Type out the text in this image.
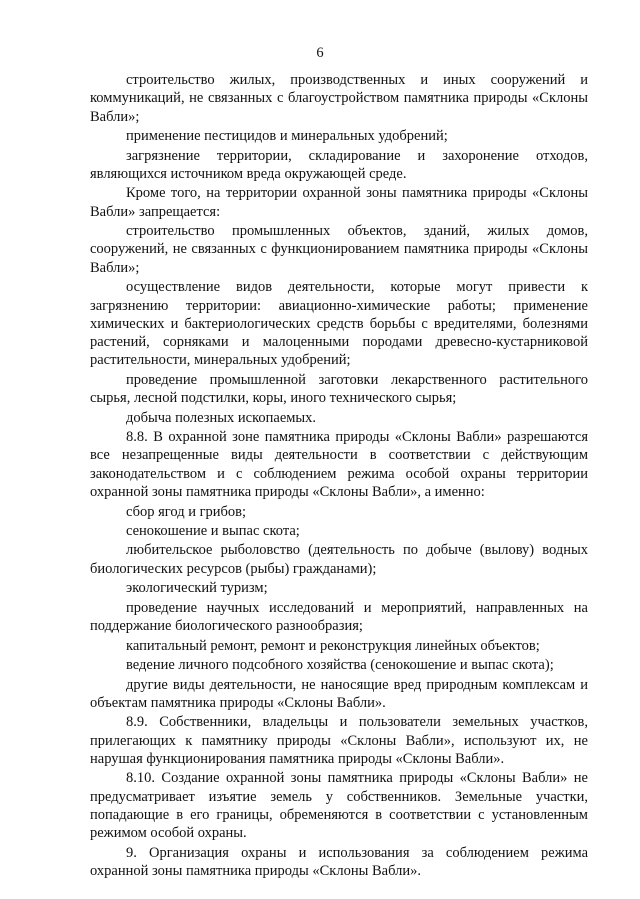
6

строительство жилых, производственных и иных сооружений и коммуникаций, не связанных с благоустройством памятника природы «Склоны Вабли»;

применение пестицидов и минеральных удобрений;

загрязнение территории, складирование и захоронение отходов, являющихся источником вреда окружающей среде.

Кроме того, на территории охранной зоны памятника природы «Склоны Вабли» запрещается:

строительство промышленных объектов, зданий, жилых домов, сооружений, не связанных с функционированием памятника природы «Склоны Вабли»;

осуществление видов деятельности, которые могут привести к загрязнению территории: авиационно-химические работы; применение химических и бактериологических средств борьбы с вредителями, болезнями растений, сорняками и малоценными породами древесно-кустарниковой растительности, минеральных удобрений;

проведение промышленной заготовки лекарственного растительного сырья, лесной подстилки, коры, иного технического сырья;

добыча полезных ископаемых.

8.8. В охранной зоне памятника природы «Склоны Вабли» разрешаются все незапрещенные виды деятельности в соответствии с действующим законодательством и с соблюдением режима особой охраны территории охранной зоны памятника природы «Склоны Вабли», а именно:

сбор ягод и грибов;

сенокошение и выпас скота;

любительское рыболовство (деятельность по добыче (вылову) водных биологических ресурсов (рыбы) гражданами);

экологический туризм;

проведение научных исследований и мероприятий, направленных на поддержание биологического разнообразия;

капитальный ремонт, ремонт и реконструкция линейных объектов;

ведение личного подсобного хозяйства (сенокошение и выпас скота);

другие виды деятельности, не наносящие вред природным комплексам и объектам памятника природы «Склоны Вабли».

8.9. Собственники, владельцы и пользователи земельных участков, прилегающих к памятнику природы «Склоны Вабли», используют их, не нарушая функционирования памятника природы «Склоны Вабли».

8.10. Создание охранной зоны памятника природы «Склоны Вабли» не предусматривает изъятие земель у собственников. Земельные участки, попадающие в его границы, обременяются в соответствии с установленным режимом особой охраны.

9. Организация охраны и использования за соблюдением режима охранной зоны памятника природы «Склоны Вабли».
